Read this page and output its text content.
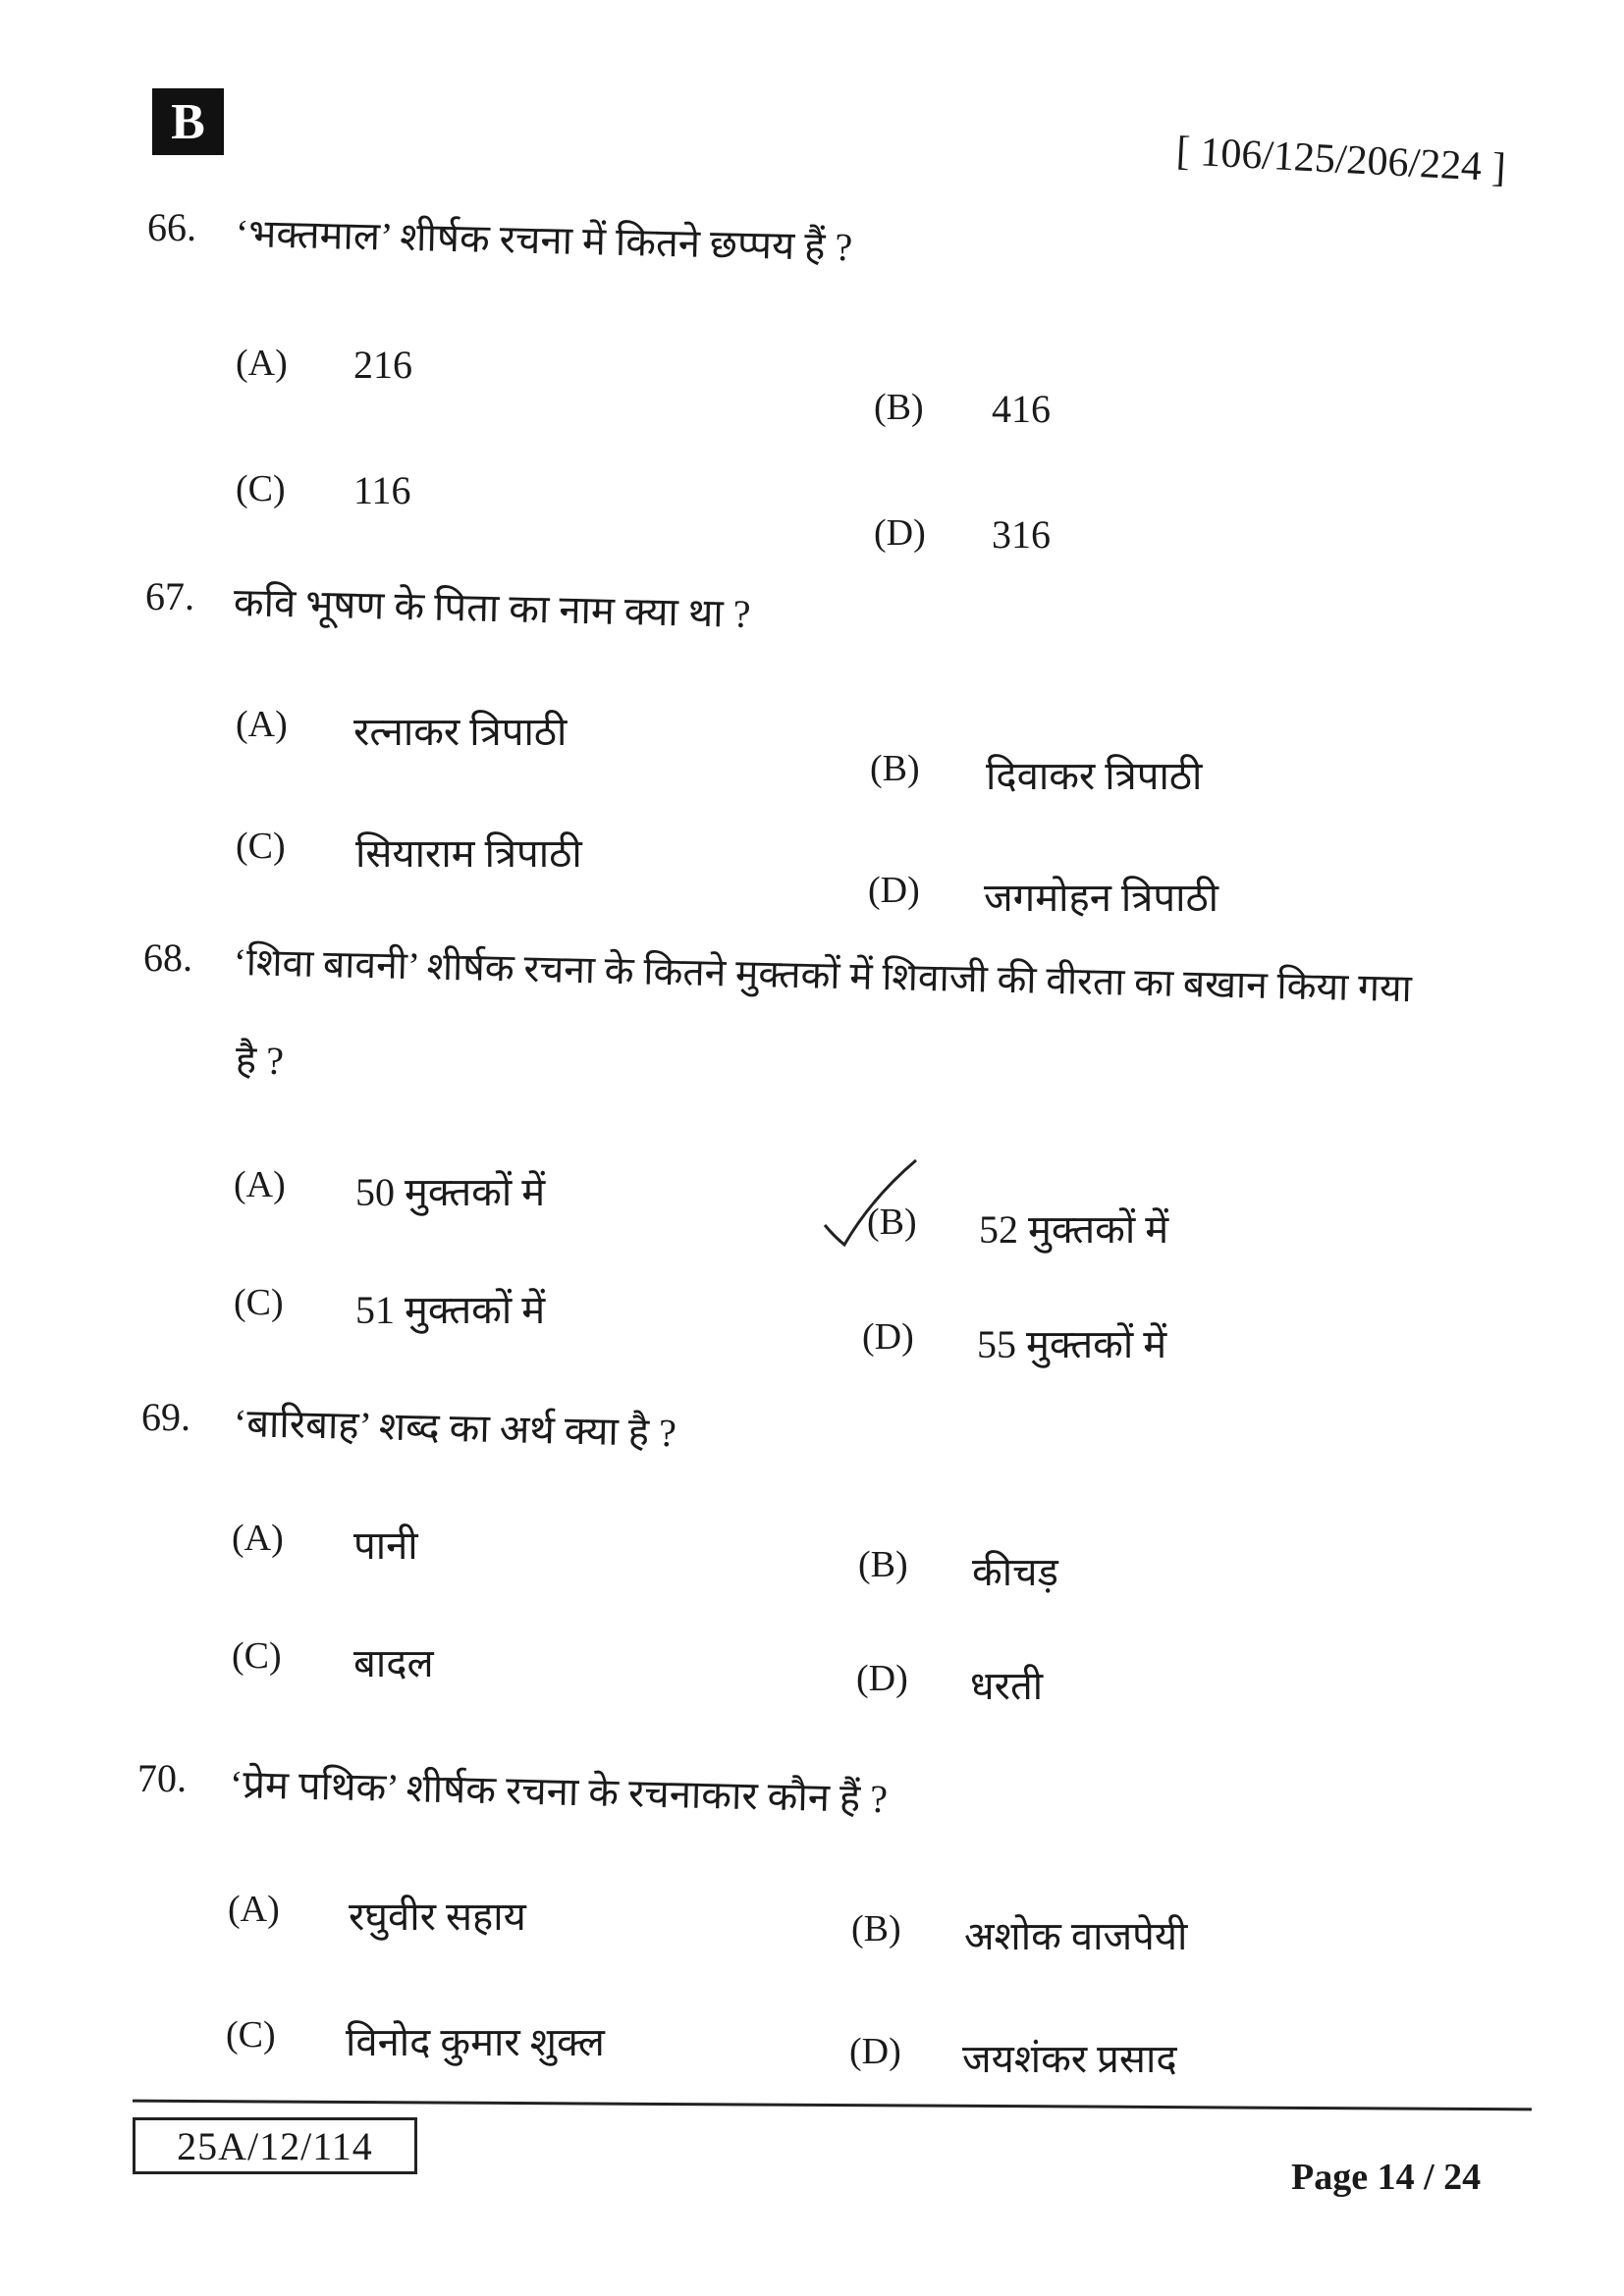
B
[ 106/125/206/224 ]
66. ‘भक्तमाल’ शीर्षक रचना में कितने छप्पय हैं ?
(A) 216
(B) 416
(C) 116
(D) 316
67. कवि भूषण के पिता का नाम क्या था ?
(A) रत्नाकर त्रिपाठी
(B) दिवाकर त्रिपाठी
(C) सियाराम त्रिपाठी
(D) जगमोहन त्रिपाठी
68. ‘शिवा बावनी’ शीर्षक रचना के कितने मुक्तकों में शिवाजी की वीरता का बखान किया गया
है ?
(A) 50 मुक्तकों में
(B) 52 मुक्तकों में
(C) 51 मुक्तकों में
(D) 55 मुक्तकों में
69. ‘बारिबाह’ शब्द का अर्थ क्या है ?
(A) पानी	(B) कीचड़
(C) बादल	(D) धरती
70. ‘प्रेम पथिक’ शीर्षक रचना के रचनाकार कौन हैं ?
(A) रघुवीर सहाय	(B) अशोक वाजपेयी
(C) विनोद कुमार शुक्ल	(D) जयशंकर प्रसाद
25A/12/114
Page 14 / 24
